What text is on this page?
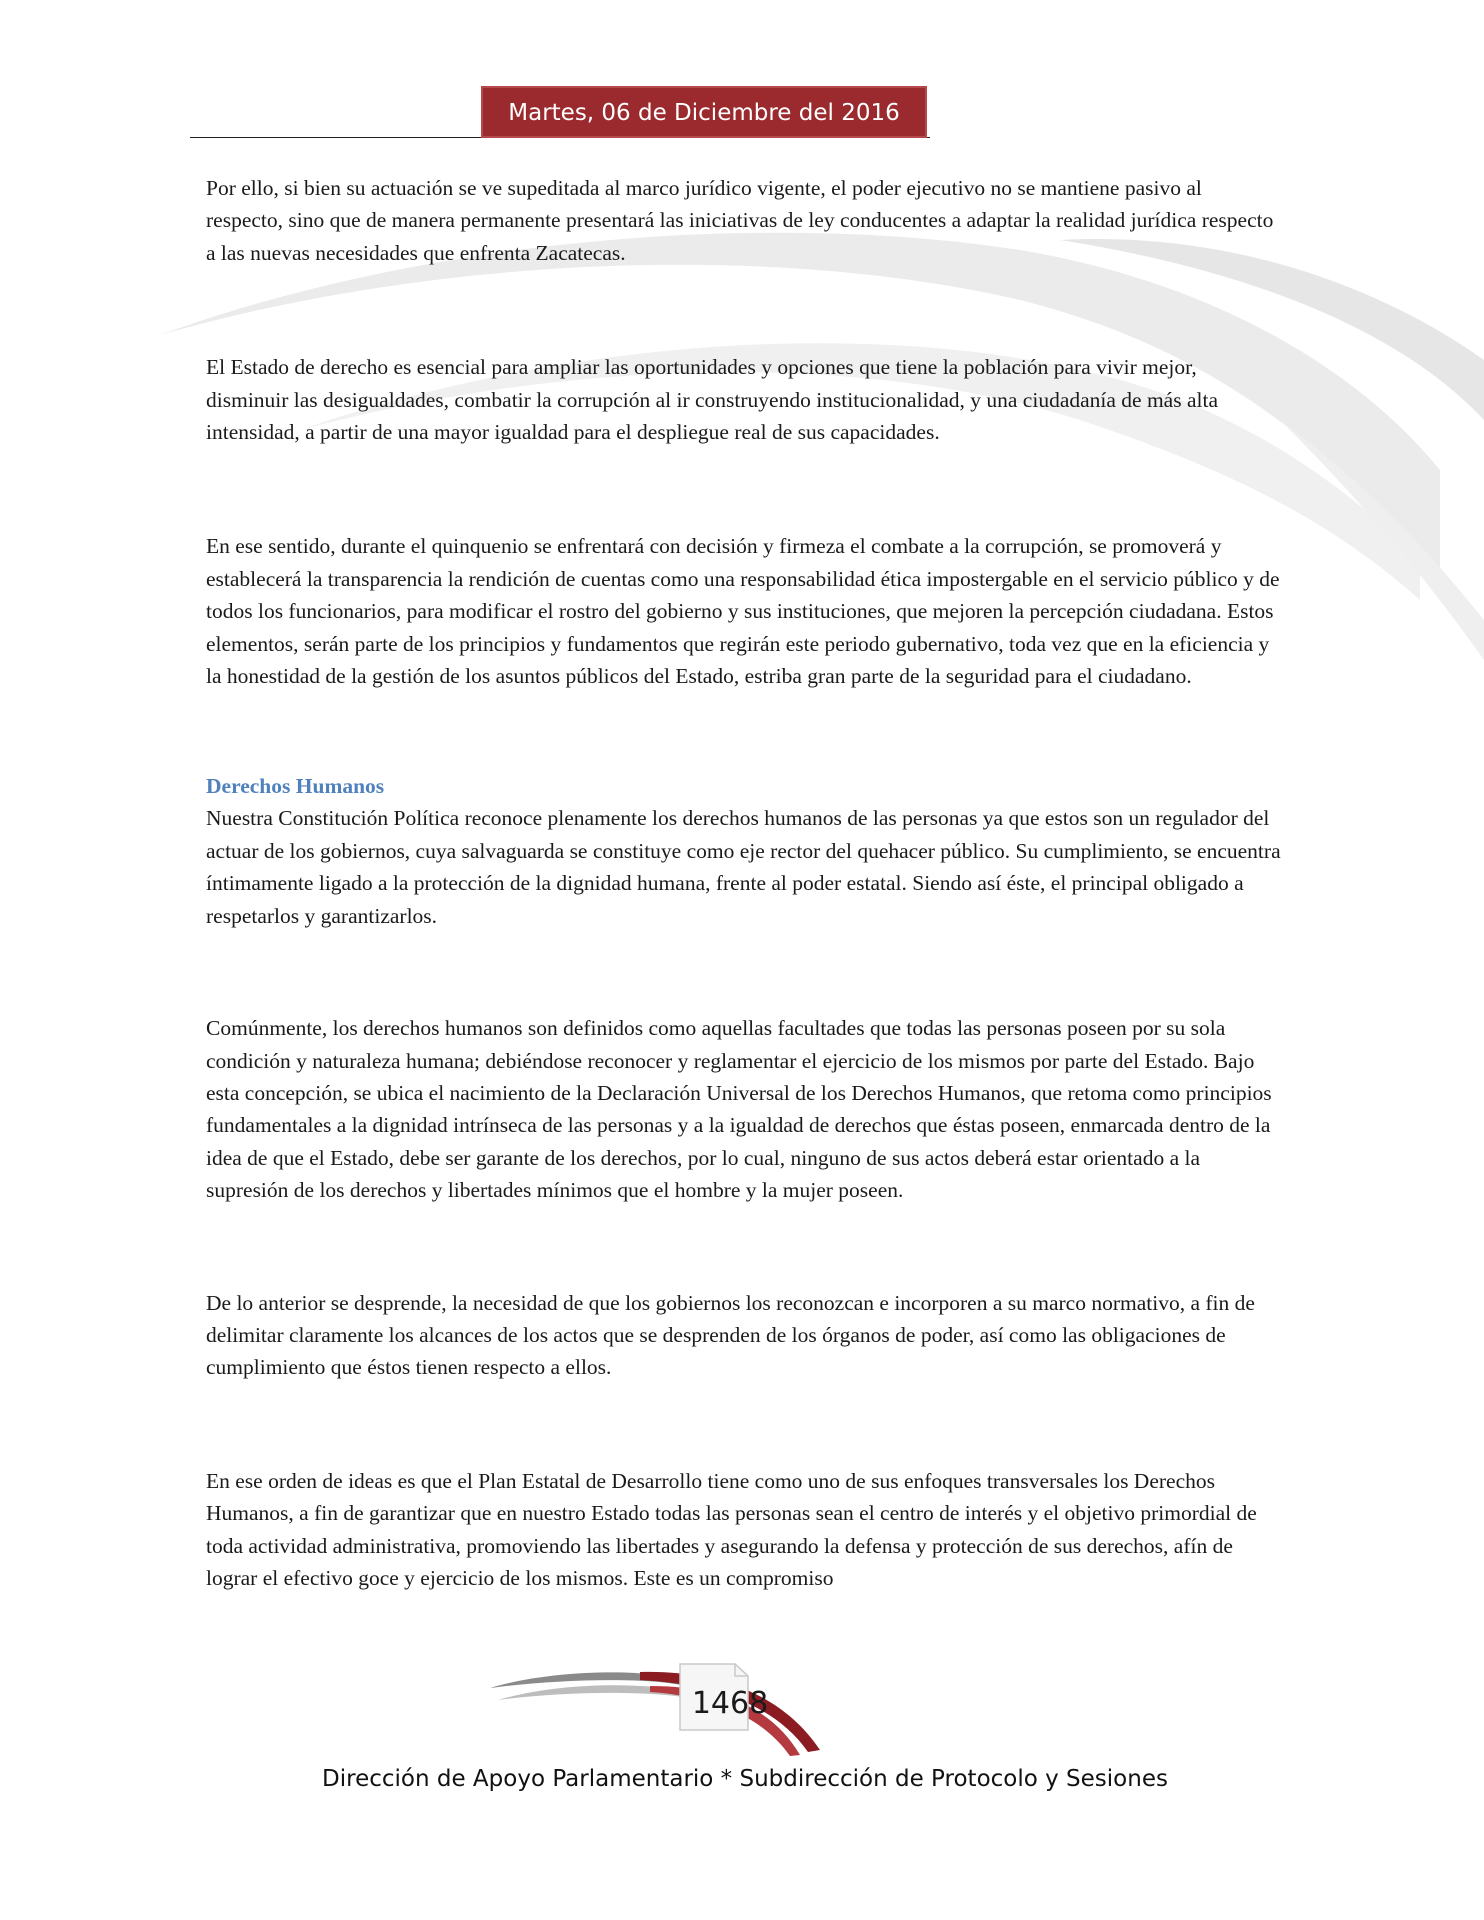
Martes, 06 de Diciembre del 2016

Por ello, si bien su actuación se ve supeditada al marco jurídico vigente, el poder ejecutivo no se mantiene pasivo al respecto, sino que de manera permanente presentará las iniciativas de ley conducentes a adaptar la realidad jurídica respecto a las nuevas necesidades que enfrenta Zacatecas.

El Estado de derecho es esencial para ampliar las oportunidades y opciones que tiene la población para vivir mejor, disminuir las desigualdades, combatir la corrupción al ir construyendo institucionalidad, y una ciudadanía de más alta intensidad, a partir de una mayor igualdad para el despliegue real de sus capacidades.

En ese sentido, durante el quinquenio se enfrentará con decisión y firmeza el combate a la corrupción, se promoverá y establecerá la transparencia la rendición de cuentas como una responsabilidad ética impostergable en el servicio público y de todos los funcionarios, para modificar el rostro del gobierno y sus instituciones, que mejoren la percepción ciudadana. Estos elementos, serán parte de los principios y fundamentos que regirán este periodo gubernativo, toda vez que en la eficiencia y la honestidad de la gestión de los asuntos públicos del Estado, estriba gran parte de la seguridad para el ciudadano.

Derechos Humanos

Nuestra Constitución Política reconoce plenamente los derechos humanos de las personas ya que estos son un regulador del actuar de los gobiernos, cuya salvaguarda se constituye como eje rector del quehacer público. Su cumplimiento, se encuentra íntimamente ligado a la protección de la dignidad humana, frente al poder estatal. Siendo así éste, el principal obligado a respetarlos y garantizarlos.

Comúnmente, los derechos humanos son definidos como aquellas facultades que todas las personas poseen por su sola condición y naturaleza humana; debiéndose reconocer y reglamentar el ejercicio de los mismos por parte del Estado. Bajo esta concepción, se ubica el nacimiento de la Declaración Universal de los Derechos Humanos, que retoma como principios fundamentales a la dignidad intrínseca de las personas y a la igualdad de derechos que éstas poseen, enmarcada dentro de la idea de que el Estado, debe ser garante de los derechos, por lo cual, ninguno de sus actos deberá estar orientado a la supresión de los derechos y libertades mínimos que el hombre y la mujer poseen.

De lo anterior se desprende, la necesidad de que los gobiernos los reconozcan e incorporen a su marco normativo, a fin de delimitar claramente los alcances de los actos que se desprenden de los órganos de poder, así como las obligaciones de cumplimiento que éstos tienen respecto a ellos.

En ese orden de ideas es que el Plan Estatal de Desarrollo tiene como uno de sus enfoques transversales los Derechos Humanos, a fin de garantizar que en nuestro Estado todas las personas sean el centro de interés y el objetivo primordial de toda actividad administrativa, promoviendo las libertades y asegurando la defensa y protección de sus derechos, afín de lograr el efectivo goce y ejercicio de los mismos. Este es un compromiso

1468
Dirección de Apoyo Parlamentario * Subdirección de Protocolo y Sesiones
